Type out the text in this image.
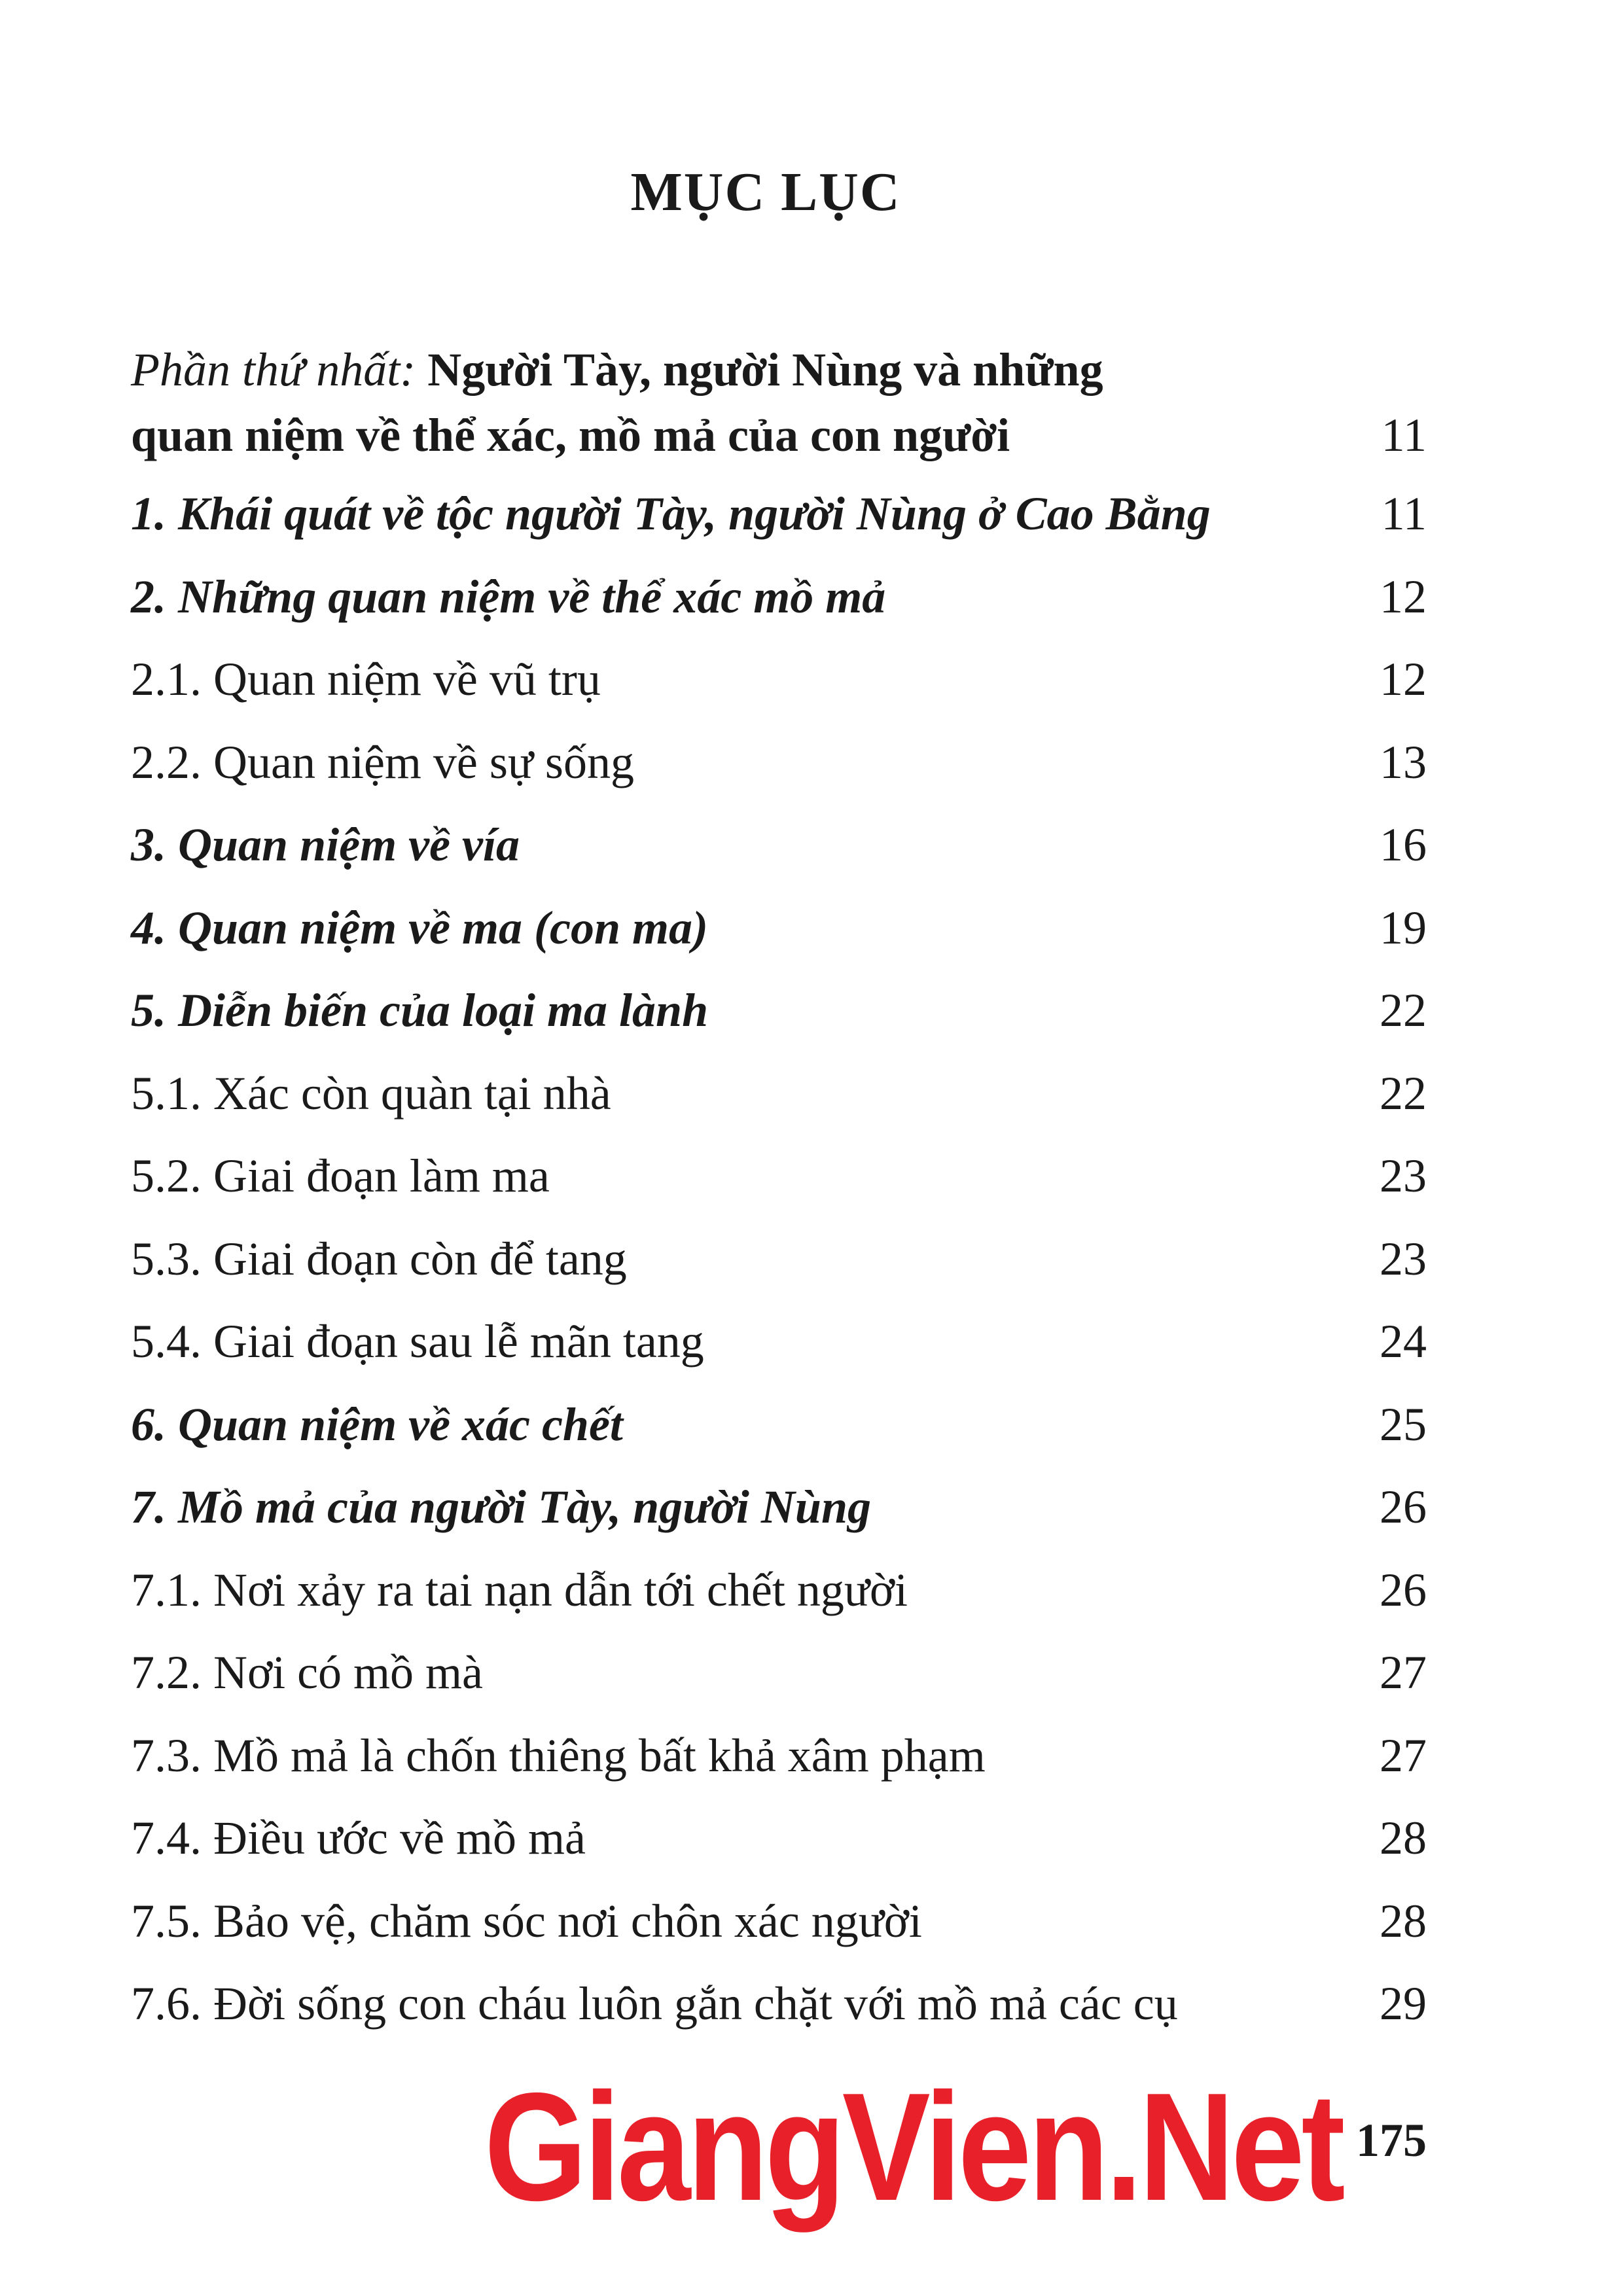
MỤC LỤC
Phần thứ nhất: Người Tày, người Nùng và những
quan niệm về thể xác, mồ mả của con người	11
1. Khái quát về tộc người Tày, người Nùng ở Cao Bằng	11
2. Những quan niệm về thể xác mồ mả	12
2.1. Quan niệm về vũ trụ	12
2.2. Quan niệm về sự sống	13
3. Quan niệm về vía	16
4. Quan niệm về ma (con ma)	19
5. Diễn biến của loại ma lành	22
5.1. Xác còn quàn tại nhà	22
5.2. Giai đoạn làm ma	23
5.3. Giai đoạn còn để tang	23
5.4. Giai đoạn sau lễ mãn tang	24
6. Quan niệm về xác chết	25
7. Mồ mả của người Tày, người Nùng	26
7.1. Nơi xảy ra tai nạn dẫn tới chết người	26
7.2. Nơi có mồ mà	27
7.3. Mồ mả là chốn thiêng bất khả xâm phạm	27
7.4. Điều ước về mồ mả	28
7.5. Bảo vệ, chăm sóc nơi chôn xác người	28
7.6. Đời sống con cháu luôn gắn chặt với mồ mả các cụ	29
GiangVien.Net 175
